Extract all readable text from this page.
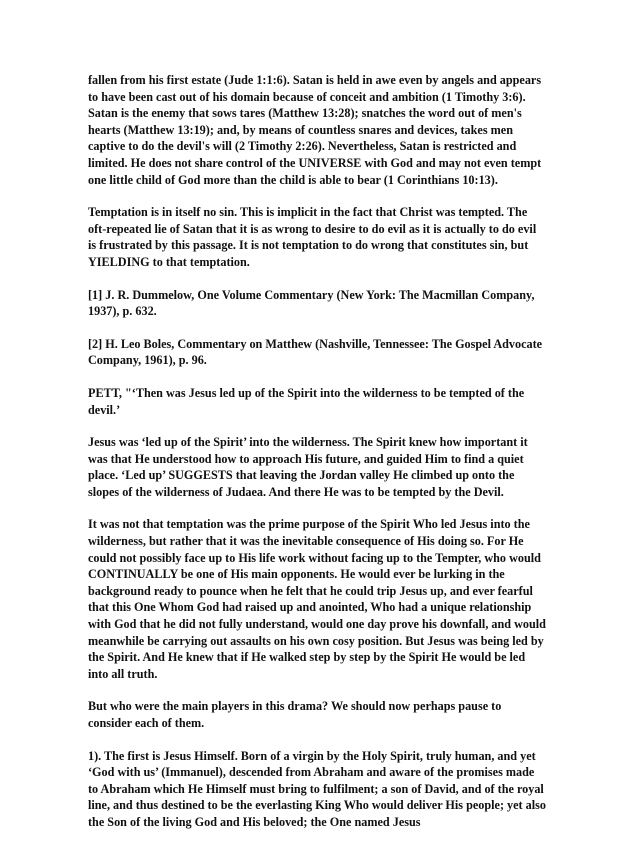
fallen from his first estate (Jude 1:1:6). Satan is held in awe even by angels and appears to have been cast out of his domain because of conceit and ambition (1 Timothy 3:6). Satan is the enemy that sows tares (Matthew 13:28); snatches the word out of men's hearts (Matthew 13:19); and, by means of countless snares and devices, takes men captive to do the devil's will (2 Timothy 2:26). Nevertheless, Satan is restricted and limited. He does not share control of the UNIVERSE with God and may not even tempt one little child of God more than the child is able to bear (1 Corinthians 10:13).

Temptation is in itself no sin. This is implicit in the fact that Christ was tempted. The oft-repeated lie of Satan that it is as wrong to desire to do evil as it is actually to do evil is frustrated by this passage. It is not temptation to do wrong that constitutes sin, but YIELDING to that temptation.

[1] J. R. Dummelow, One Volume Commentary (New York: The Macmillan Company, 1937), p. 632.

[2] H. Leo Boles, Commentary on Matthew (Nashville, Tennessee: The Gospel Advocate Company, 1961), p. 96.

PETT, "‘Then was Jesus led up of the Spirit into the wilderness to be tempted of the devil.’

Jesus was ‘led up of the Spirit’ into the wilderness. The Spirit knew how important it was that He understood how to approach His future, and guided Him to find a quiet place. ‘Led up’ SUGGESTS that leaving the Jordan valley He climbed up onto the slopes of the wilderness of Judaea. And there He was to be tempted by the Devil.

It was not that temptation was the prime purpose of the Spirit Who led Jesus into the wilderness, but rather that it was the inevitable consequence of His doing so. For He could not possibly face up to His life work without facing up to the Tempter, who would CONTINUALLY be one of His main opponents. He would ever be lurking in the background ready to pounce when he felt that he could trip Jesus up, and ever fearful that this One Whom God had raised up and anointed, Who had a unique relationship with God that he did not fully understand, would one day prove his downfall, and would meanwhile be carrying out assaults on his own cosy position. But Jesus was being led by the Spirit. And He knew that if He walked step by step by the Spirit He would be led into all truth.

But who were the main players in this drama? We should now perhaps pause to consider each of them.

1). The first is Jesus Himself. Born of a virgin by the Holy Spirit, truly human, and yet ‘God with us’ (Immanuel), descended from Abraham and aware of the promises made to Abraham which He Himself must bring to fulfilment; a son of David, and of the royal line, and thus destined to be the everlasting King Who would deliver His people; yet also the Son of the living God and His beloved; the One named Jesus
